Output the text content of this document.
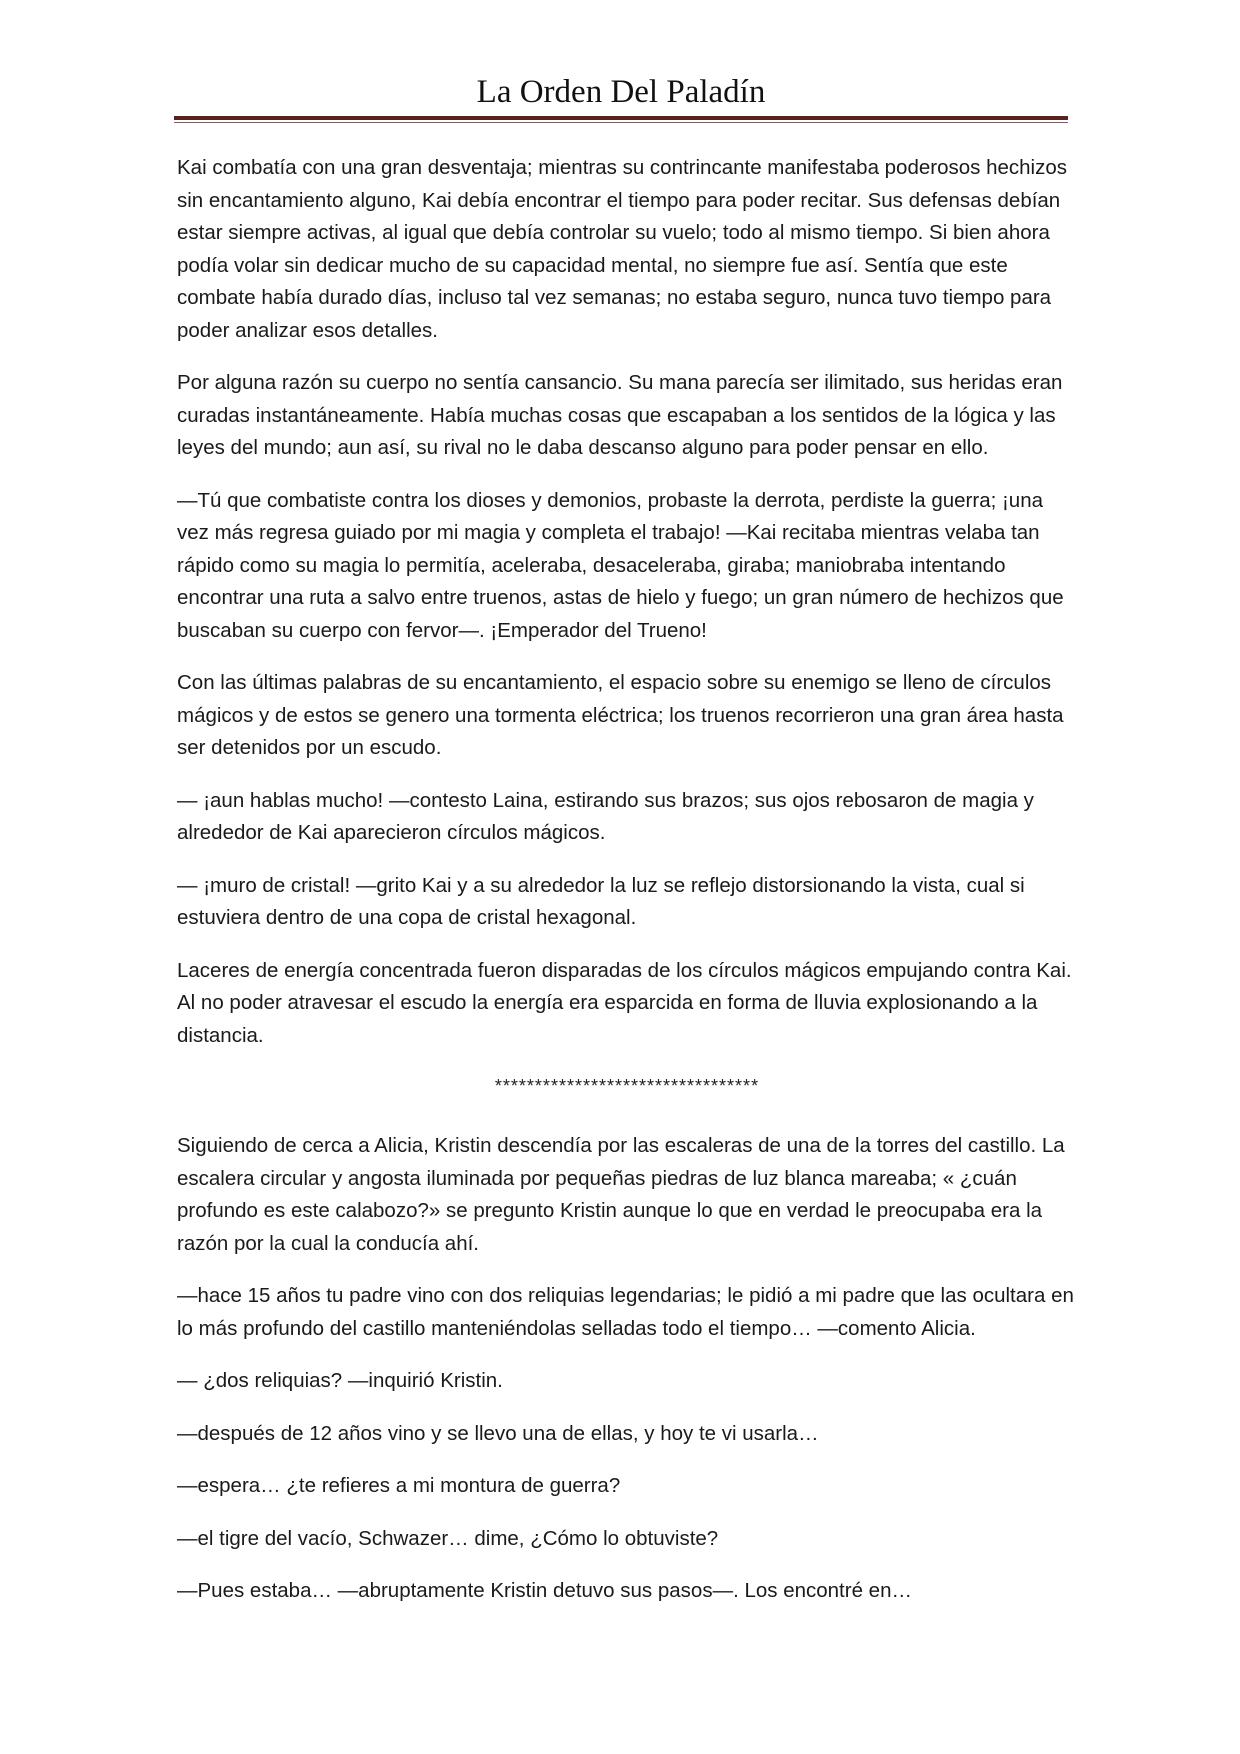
La Orden Del Paladín

Kai combatía con una gran desventaja; mientras su contrincante manifestaba poderosos hechizos sin encantamiento alguno, Kai debía encontrar el tiempo para poder recitar. Sus defensas debían estar siempre activas, al igual que debía controlar su vuelo; todo al mismo tiempo. Si bien ahora podía volar sin dedicar mucho de su capacidad mental, no siempre fue así. Sentía que este combate había durado días, incluso tal vez semanas; no estaba seguro, nunca tuvo tiempo para poder analizar esos detalles.

Por alguna razón su cuerpo no sentía cansancio. Su mana parecía ser ilimitado, sus heridas eran curadas instantáneamente. Había muchas cosas que escapaban a los sentidos de la lógica y las leyes del mundo; aun así, su rival no le daba descanso alguno para poder pensar en ello.

—Tú que combatiste contra los dioses y demonios, probaste la derrota, perdiste la guerra; ¡una vez más regresa guiado por mi magia y completa el trabajo! —Kai recitaba mientras velaba tan rápido como su magia lo permitía, aceleraba, desaceleraba, giraba; maniobraba intentando encontrar una ruta a salvo entre truenos, astas de hielo y fuego; un gran número de hechizos que buscaban su cuerpo con fervor—. ¡Emperador del Trueno!

Con las últimas palabras de su encantamiento, el espacio sobre su enemigo se lleno de círculos mágicos y de estos se genero una tormenta eléctrica; los truenos recorrieron una gran área hasta ser detenidos por un escudo.

— ¡aun hablas mucho! —contesto Laina, estirando sus brazos; sus ojos rebosaron de magia y alrededor de Kai aparecieron círculos mágicos.

— ¡muro de cristal! —grito Kai y a su alrededor la luz se reflejo distorsionando la vista, cual si estuviera dentro de una copa de cristal hexagonal.

Laceres de energía concentrada fueron disparadas de los círculos mágicos empujando contra Kai. Al no poder atravesar el escudo la energía era esparcida en forma de lluvia explosionando a la distancia.

*********************************

Siguiendo de cerca a Alicia, Kristin descendía por las escaleras de una de la torres del castillo. La escalera circular y angosta iluminada por pequeñas piedras de luz blanca mareaba; « ¿cuán profundo es este calabozo?» se pregunto Kristin aunque lo que en verdad le preocupaba era la razón por la cual la conducía ahí.

—hace 15 años tu padre vino con dos reliquias legendarias; le pidió a mi padre que las ocultara en lo más profundo del castillo manteniéndolas selladas todo el tiempo… —comento Alicia.

— ¿dos reliquias? —inquirió Kristin.

—después de 12 años vino y se llevo una de ellas, y hoy te vi usarla…

—espera… ¿te refieres a mi montura de guerra?

—el tigre del vacío, Schwazer… dime, ¿Cómo lo obtuviste?

—Pues estaba… —abruptamente Kristin detuvo sus pasos—. Los encontré en…
